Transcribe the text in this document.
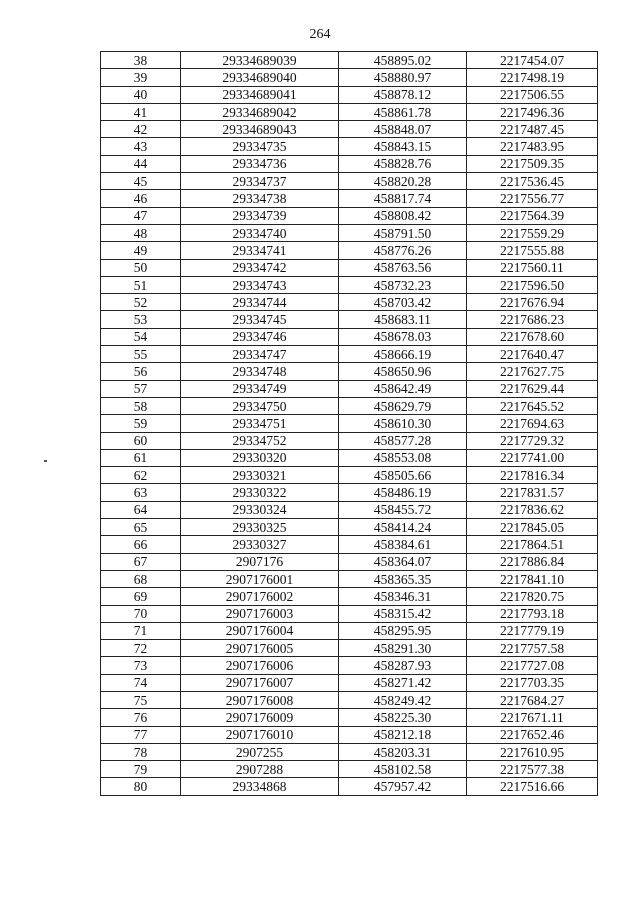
264
38	29334689039	458895.02	2217454.07
39	29334689040	458880.97	2217498.19
40	29334689041	458878.12	2217506.55
41	29334689042	458861.78	2217496.36
42	29334689043	458848.07	2217487.45
43	29334735	458843.15	2217483.95
44	29334736	458828.76	2217509.35
45	29334737	458820.28	2217536.45
46	29334738	458817.74	2217556.77
47	29334739	458808.42	2217564.39
48	29334740	458791.50	2217559.29
49	29334741	458776.26	2217555.88
50	29334742	458763.56	2217560.11
51	29334743	458732.23	2217596.50
52	29334744	458703.42	2217676.94
53	29334745	458683.11	2217686.23
54	29334746	458678.03	2217678.60
55	29334747	458666.19	2217640.47
56	29334748	458650.96	2217627.75
57	29334749	458642.49	2217629.44
58	29334750	458629.79	2217645.52
59	29334751	458610.30	2217694.63
60	29334752	458577.28	2217729.32
61	29330320	458553.08	2217741.00
62	29330321	458505.66	2217816.34
63	29330322	458486.19	2217831.57
64	29330324	458455.72	2217836.62
65	29330325	458414.24	2217845.05
66	29330327	458384.61	2217864.51
67	2907176	458364.07	2217886.84
68	2907176001	458365.35	2217841.10
69	2907176002	458346.31	2217820.75
70	2907176003	458315.42	2217793.18
71	2907176004	458295.95	2217779.19
72	2907176005	458291.30	2217757.58
73	2907176006	458287.93	2217727.08
74	2907176007	458271.42	2217703.35
75	2907176008	458249.42	2217684.27
76	2907176009	458225.30	2217671.11
77	2907176010	458212.18	2217652.46
78	2907255	458203.31	2217610.95
79	2907288	458102.58	2217577.38
80	29334868	457957.42	2217516.66
